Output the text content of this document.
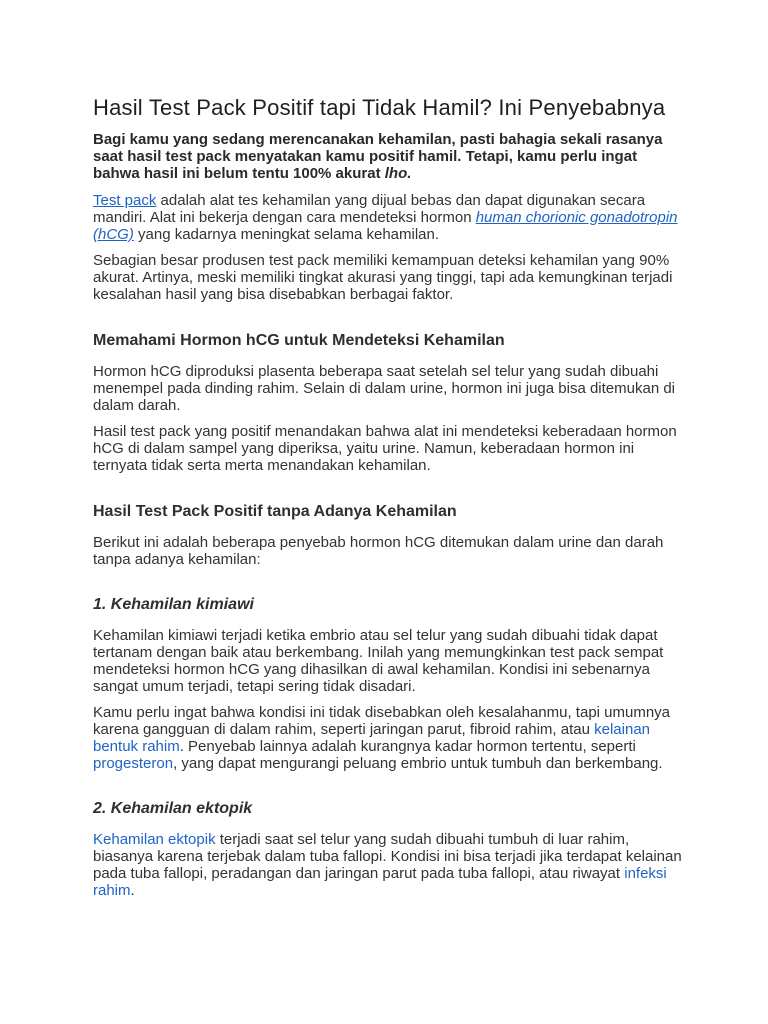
Hasil Test Pack Positif tapi Tidak Hamil? Ini Penyebabnya

Bagi kamu yang sedang merencanakan kehamilan, pasti bahagia sekali rasanya saat hasil test pack menyatakan kamu positif hamil. Tetapi, kamu perlu ingat bahwa hasil ini belum tentu 100% akurat lho.

Test pack adalah alat tes kehamilan yang dijual bebas dan dapat digunakan secara mandiri. Alat ini bekerja dengan cara mendeteksi hormon human chorionic gonadotropin (hCG) yang kadarnya meningkat selama kehamilan.

Sebagian besar produsen test pack memiliki kemampuan deteksi kehamilan yang 90% akurat. Artinya, meski memiliki tingkat akurasi yang tinggi, tapi ada kemungkinan terjadi kesalahan hasil yang bisa disebabkan berbagai faktor.

Memahami Hormon hCG untuk Mendeteksi Kehamilan

Hormon hCG diproduksi plasenta beberapa saat setelah sel telur yang sudah dibuahi menempel pada dinding rahim. Selain di dalam urine, hormon ini juga bisa ditemukan di dalam darah.

Hasil test pack yang positif menandakan bahwa alat ini mendeteksi keberadaan hormon hCG di dalam sampel yang diperiksa, yaitu urine. Namun, keberadaan hormon ini ternyata tidak serta merta menandakan kehamilan.

Hasil Test Pack Positif tanpa Adanya Kehamilan

Berikut ini adalah beberapa penyebab hormon hCG ditemukan dalam urine dan darah tanpa adanya kehamilan:

1. Kehamilan kimiawi

Kehamilan kimiawi terjadi ketika embrio atau sel telur yang sudah dibuahi tidak dapat tertanam dengan baik atau berkembang. Inilah yang memungkinkan test pack sempat mendeteksi hormon hCG yang dihasilkan di awal kehamilan. Kondisi ini sebenarnya sangat umum terjadi, tetapi sering tidak disadari.

Kamu perlu ingat bahwa kondisi ini tidak disebabkan oleh kesalahanmu, tapi umumnya karena gangguan di dalam rahim, seperti jaringan parut, fibroid rahim, atau kelainan bentuk rahim. Penyebab lainnya adalah kurangnya kadar hormon tertentu, seperti progesteron, yang dapat mengurangi peluang embrio untuk tumbuh dan berkembang.

2. Kehamilan ektopik

Kehamilan ektopik terjadi saat sel telur yang sudah dibuahi tumbuh di luar rahim, biasanya karena terjebak dalam tuba fallopi. Kondisi ini bisa terjadi jika terdapat kelainan pada tuba fallopi, peradangan dan jaringan parut pada tuba fallopi, atau riwayat infeksi rahim.
